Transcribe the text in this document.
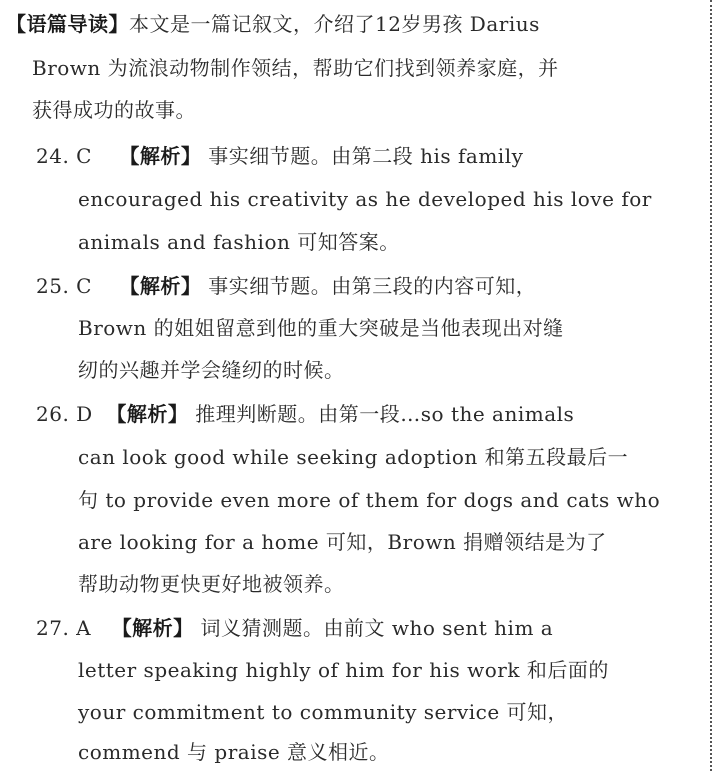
【语篇导读】本文是一篇记叙文，介绍了12岁男孩 Darius
Brown 为流浪动物制作领结，帮助它们找到领养家庭，并
获得成功的故事。
24. C 【解析】 事实细节题。由第二段 his family
encouraged his creativity as he developed his love for
animals and fashion 可知答案。
25. C 【解析】 事实细节题。由第三段的内容可知，
Brown 的姐姐留意到他的重大突破是当他表现出对缝
纫的兴趣并学会缝纫的时候。
26. D 【解析】 推理判断题。由第一段…so the animals
can look good while seeking adoption 和第五段最后一
句 to provide even more of them for dogs and cats who
are looking for a home 可知，Brown 捐赠领结是为了
帮助动物更快更好地被领养。
27. A 【解析】 词义猜测题。由前文 who sent him a
letter speaking highly of him for his work 和后面的
your commitment to community service 可知，
commend 与 praise 意义相近。
